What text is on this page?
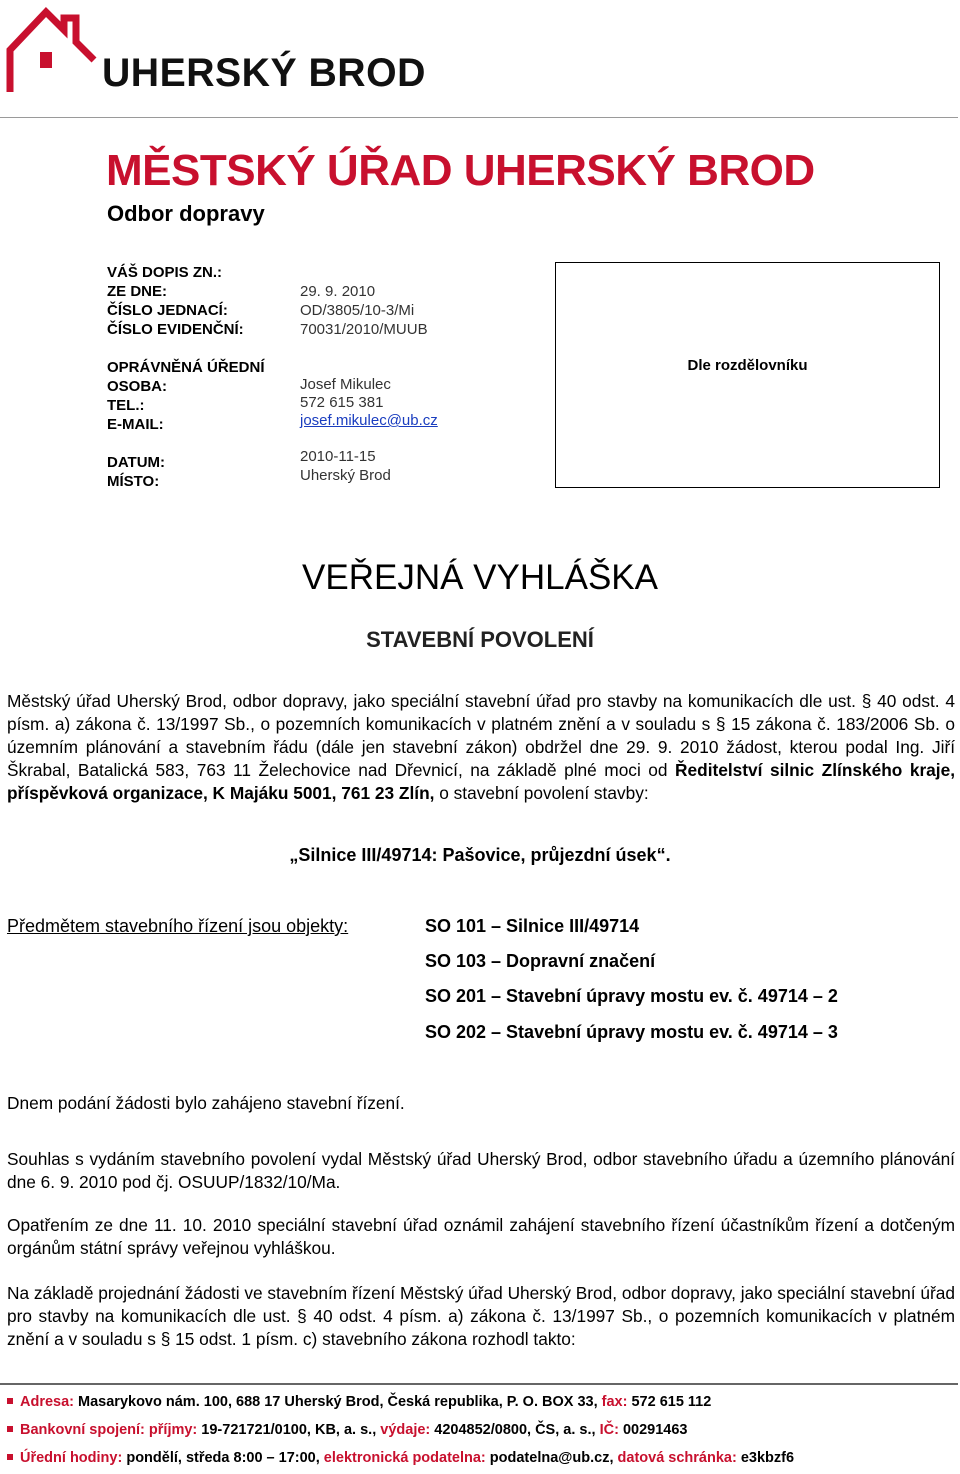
UHERSKÝ BROD
MĚSTSKÝ ÚŘAD UHERSKÝ BROD
Odbor dopravy
VÁŠ DOPIS ZN.:
ZE DNE:
ČÍSLO JEDNACÍ:
ČÍSLO EVIDENČNÍ:
OPRÁVNĚNÁ ÚŘEDNÍ
OSOBA:
TEL.:
E-MAIL:
DATUM:
MÍSTO:
29. 9. 2010
OD/3805/10-3/Mi
70031/2010/MUUB
Josef Mikulec
572 615 381
josef.mikulec@ub.cz
2010-11-15
Uherský Brod
Dle rozdělovníku
VEŘEJNÁ VYHLÁŠKA
STAVEBNÍ POVOLENÍ
Městský úřad Uherský Brod, odbor dopravy, jako speciální stavební úřad pro stavby na komunikacích dle ust. § 40 odst. 4 písm. a) zákona č. 13/1997 Sb., o pozemních komunikacích v platném znění a v souladu s § 15 zákona č. 183/2006 Sb. o územním plánování a stavebním řádu (dále jen stavební zákon) obdržel dne 29. 9. 2010 žádost, kterou podal Ing. Jiří Škrabal, Batalická 583, 763 11 Želechovice nad Dřevnicí, na základě plné moci od Ředitelství silnic Zlínského kraje, příspěvková organizace, K Majáku 5001, 761 23 Zlín, o stavební povolení stavby:
„Silnice III/49714: Pašovice, průjezdní úsek“.
Předmětem stavebního řízení jsou objekty:	SO 101 – Silnice III/49714
SO 103 – Dopravní značení
SO 201 – Stavební úpravy mostu ev. č. 49714 – 2
SO 202 – Stavební úpravy mostu ev. č. 49714 – 3
Dnem podání žádosti bylo zahájeno stavební řízení.
Souhlas s vydáním stavebního povolení vydal Městský úřad Uherský Brod, odbor stavebního úřadu a územního plánování dne 6. 9. 2010 pod čj. OSUUP/1832/10/Ma.
Opatřením ze dne 11. 10. 2010 speciální stavební úřad oznámil zahájení stavebního řízení účastníkům řízení a dotčeným orgánům státní správy veřejnou vyhláškou.
Na základě projednání žádosti ve stavebním řízení Městský úřad Uherský Brod, odbor dopravy, jako speciální stavební úřad pro stavby na komunikacích dle ust. § 40 odst. 4 písm. a) zákona č. 13/1997 Sb., o pozemních komunikacích v platném znění a v souladu s § 15 odst. 1 písm. c) stavebního zákona rozhodl takto:
Adresa: Masarykovo nám. 100, 688 17 Uherský Brod, Česká republika, P. O. BOX 33, fax: 572 615 112
Bankovní spojení: příjmy: 19-721721/0100, KB, a. s., výdaje: 4204852/0800, ČS, a. s., IČ: 00291463
Úřední hodiny: pondělí, středa 8:00 – 17:00, elektronická podatelna: podatelna@ub.cz, datová schránka: e3kbzf6
